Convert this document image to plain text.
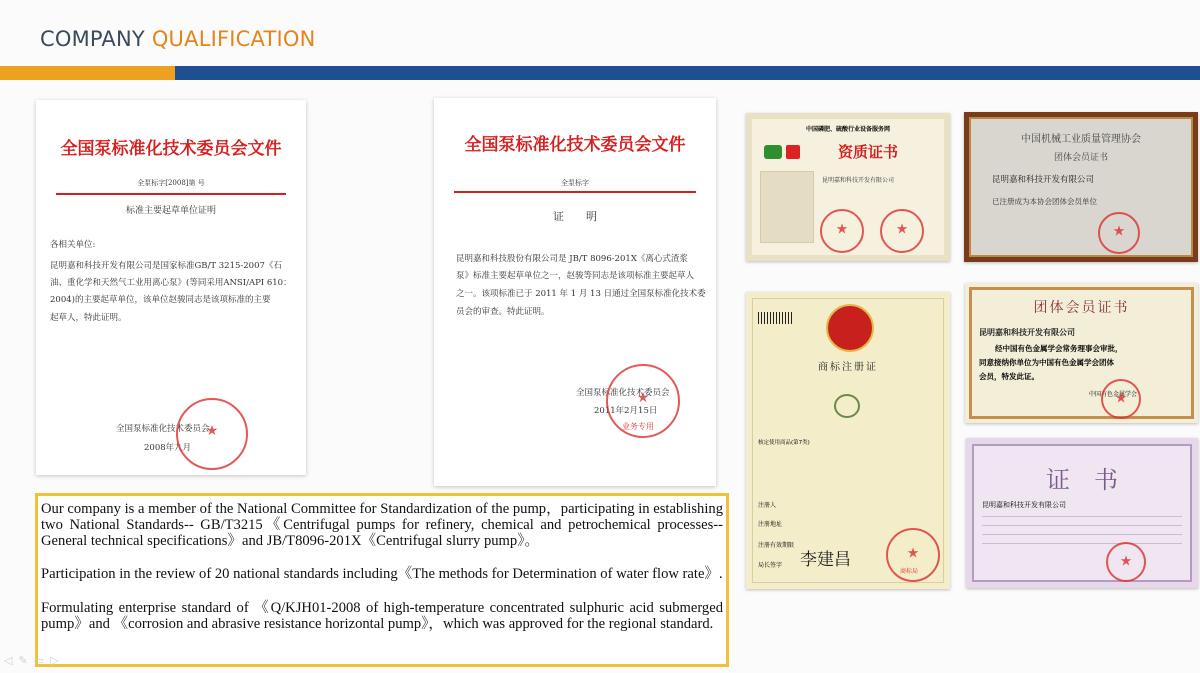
COMPANY QUALIFICATION
全国泵标准化技术委员会文件
全泵标字[2008]第 号
标准主要起草单位证明
各相关单位:
昆明嘉和科技开发有限公司是国家标准GB/T 3215-2007《石
油、重化学和天然气工业用离心泵》(等同采用ANSI/API 610：
2004)的主要起草单位，该单位赵骏同志是该项标准的主要
起草人，特此证明。
全国泵标准化技术委员会
2008年九月
★
全国泵标准化技术委员会文件
全泵标字
证　　明
昆明嘉和科技股份有限公司是 JB/T 8096-201X《离心式渣浆
泵》标准主要起草单位之一，赵骏等同志是该项标准主要起草人
之一。该项标准已于 2011 年 1 月 13 日通过全国泵标准化技术委
员会的审查。特此证明。
全国泵标准化技术委员会
2011年2月15日
★
业务专用
中国磷肥、硫酸行业设备服务网
资质证书
昆明嘉和科技开发有限公司
★
★
中国机械工业质量管理协会
团体会员证书
昆明嘉和科技开发有限公司
已注册成为本协会团体会员单位
★
商标注册证
核定使用商品(第7类)
注册人
注册地址
注册有效期限
局长签字 李建昌
★
商标局
团体会员证书
昆明嘉和科技开发有限公司
经中国有色金属学会常务理事会审批，
同意接纳你单位为中国有色金属学会团体
会员，特发此证。
中国有色金属学会
★
证　书
昆明嘉和科技开发有限公司
★

Our company is a member of the National Committee for Standardization of the pump，participating in establishing two National Standards-- GB/T3215《Centrifugal pumps for refinery, chemical and petrochemical processes--General technical specifications》and JB/T8096-201X《Centrifugal slurry pump》。

Participation in the review of 20 national standards including《The methods for Determination of water flow rate》.

Formulating enterprise standard of 《Q/KJH01-2008 of high-temperature concentrated sulphuric acid submerged pump》and 《corrosion and abrasive resistance horizontal pump》，which was approved for the regional standard.

◁✎▭▷
